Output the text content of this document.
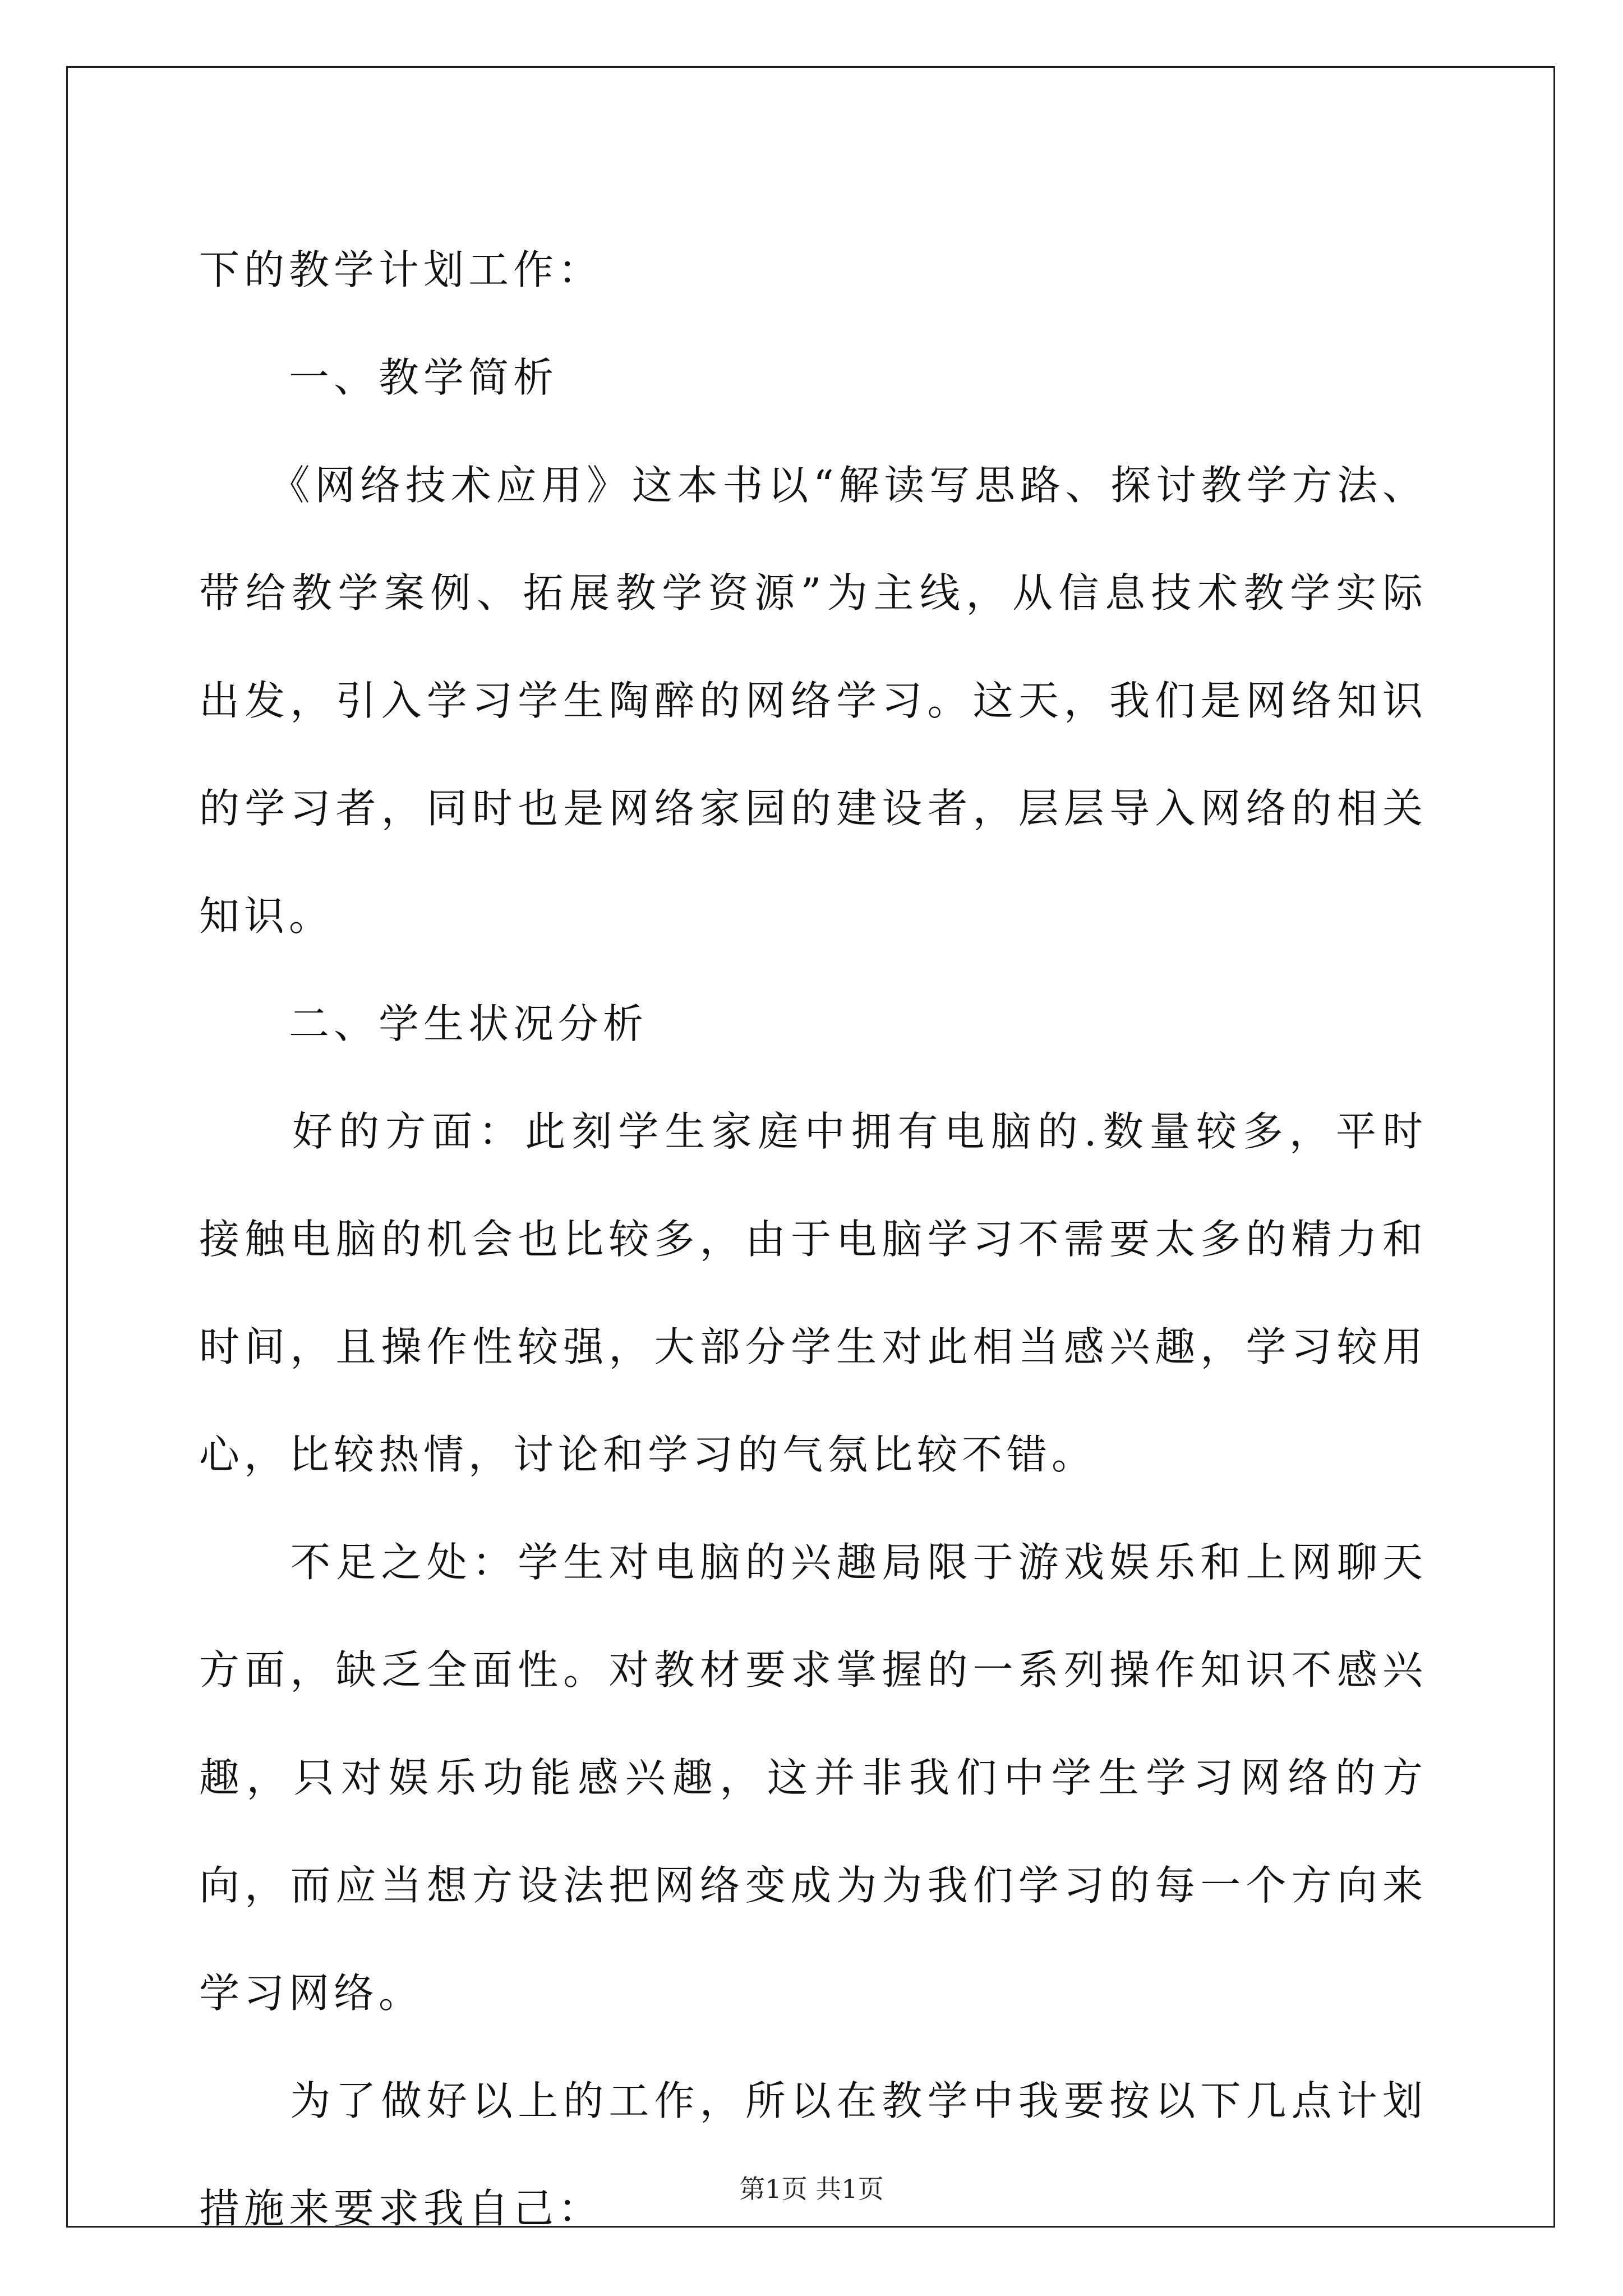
下的教学计划工作：

　　一、教学简析

　　《网络技术应用》这本书以“解读写思路、探讨教学方法、带给教学案例、拓展教学资源”为主线，从信息技术教学实际出发，引入学习学生陶醉的网络学习。这天，我们是网络知识的学习者，同时也是网络家园的建设者，层层导入网络的相关知识。

　　二、学生状况分析

　　好的方面：此刻学生家庭中拥有电脑的.数量较多，平时接触电脑的机会也比较多，由于电脑学习不需要太多的精力和时间，且操作性较强，大部分学生对此相当感兴趣，学习较用心，比较热情，讨论和学习的气氛比较不错。

　　不足之处：学生对电脑的兴趣局限于游戏娱乐和上网聊天方面，缺乏全面性。对教材要求掌握的一系列操作知识不感兴趣，只对娱乐功能感兴趣，这并非我们中学生学习网络的方向，而应当想方设法把网络变成为为我们学习的每一个方向来学习网络。

　　为了做好以上的工作，所以在教学中我要按以下几点计划措施来要求我自己：	第1页 共1页
